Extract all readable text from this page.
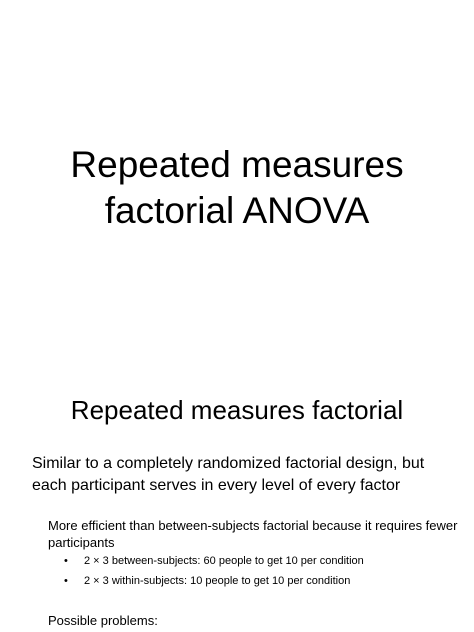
Repeated measures
factorial ANOVA
Repeated measures factorial

Similar to a completely randomized factorial design, but each participant serves in every level of every factor

More efficient than between-subjects factorial because it requires fewer participants

• 2 × 3 between-subjects: 60 people to get 10 per condition
• 2 × 3 within-subjects: 10 people to get 10 per condition

Possible problems:
